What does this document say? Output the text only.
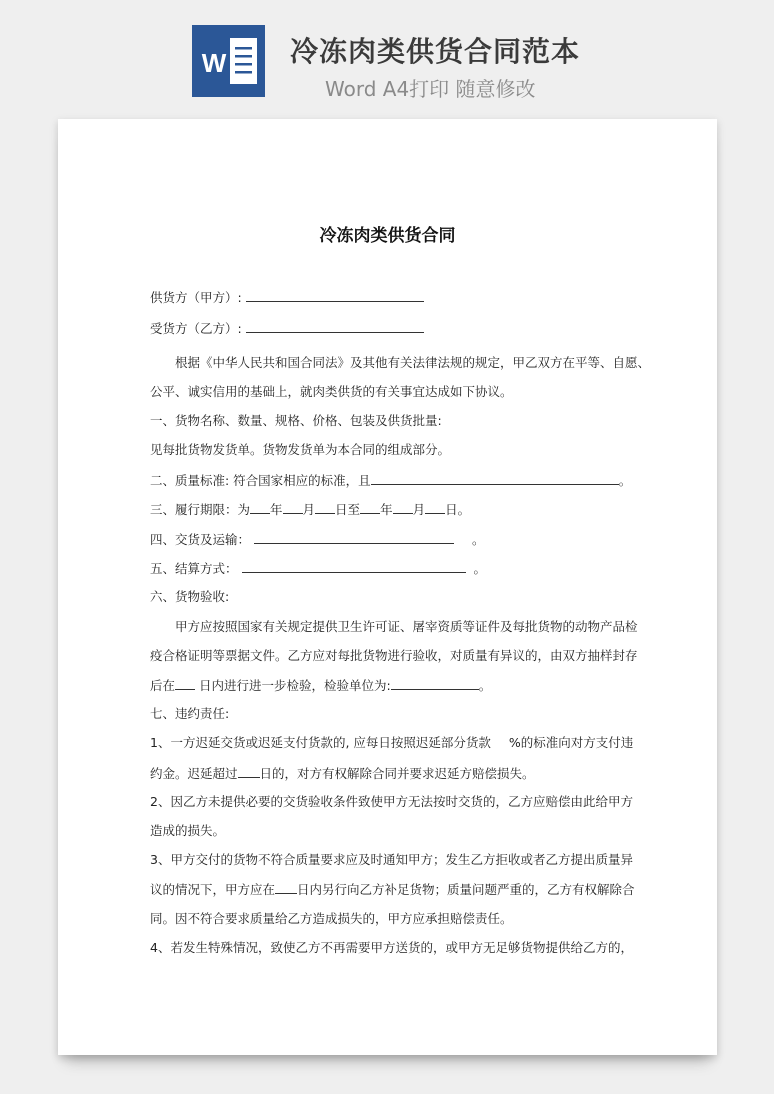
W 冷冻肉类供货合同范本
Word A4打印 随意修改
冷冻肉类供货合同
供货方（甲方）:
受货方（乙方）:
　　根据《中华人民共和国合同法》及其他有关法律法规的规定，甲乙双方在平等、自愿、
公平、诚实信用的基础上，就肉类供货的有关事宜达成如下协议。
一、货物名称、数量、规格、价格、包装及供货批量:
见每批货物发货单。货物发货单为本合同的组成部分。
二、质量标准: 符合国家相应的标准，且	。
三、履行期限：为 年 月 日至 年 月 日。
四、交货及运输：	。
五、结算方式：	。
六、货物验收:
　　甲方应按照国家有关规定提供卫生许可证、屠宰资质等证件及每批货物的动物产品检
疫合格证明等票据文件。乙方应对每批货物进行验收，对质量有异议的，由双方抽样封存
后在 日内进行进一步检验，检验单位为:	。
七、违约责任:
1、一方迟延交货或迟延支付货款的, 应每日按照迟延部分货款 %的标准向对方支付违
约金。迟延超过 日的，对方有权解除合同并要求迟延方赔偿损失。
2、因乙方未提供必要的交货验收条件致使甲方无法按时交货的，乙方应赔偿由此给甲方
造成的损失。
3、甲方交付的货物不符合质量要求应及时通知甲方；发生乙方拒收或者乙方提出质量异
议的情况下，甲方应在 日内另行向乙方补足货物；质量问题严重的，乙方有权解除合
同。因不符合要求质量给乙方造成损失的，甲方应承担赔偿责任。
4、若发生特殊情况，致使乙方不再需要甲方送货的，或甲方无足够货物提供给乙方的，
